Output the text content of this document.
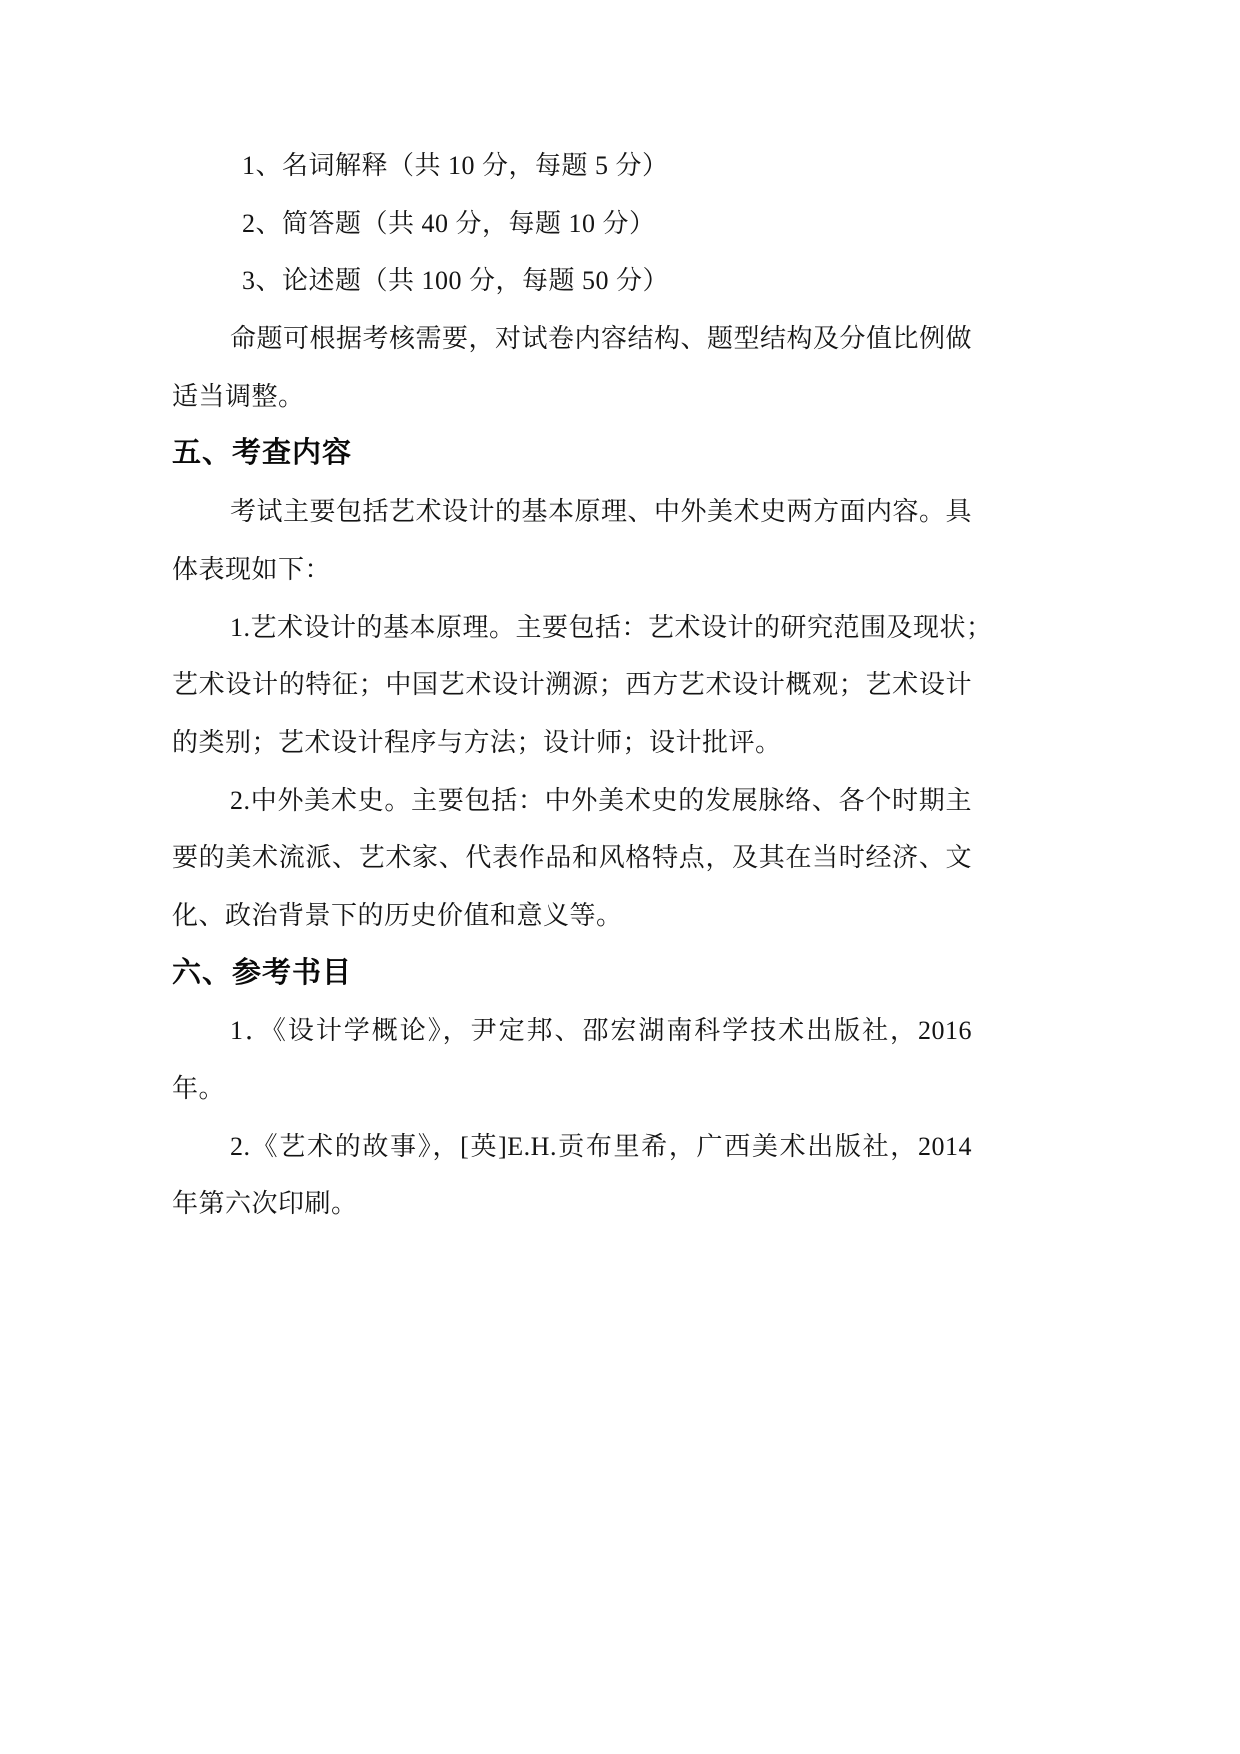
1、名词解释（共 10 分，每题 5 分）
2、简答题（共 40 分，每题 10 分）
3、论述题（共 100 分，每题 50 分）
命题可根据考核需要，对试卷内容结构、题型结构及分值比例做
适当调整。
五、考查内容
考试主要包括艺术设计的基本原理、中外美术史两方面内容。具
体表现如下：
1.艺术设计的基本原理。主要包括：艺术设计的研究范围及现状；
艺术设计的特征；中国艺术设计溯源；西方艺术设计概观；艺术设计
的类别；艺术设计程序与方法；设计师；设计批评。
2.中外美术史。主要包括：中外美术史的发展脉络、各个时期主
要的美术流派、艺术家、代表作品和风格特点，及其在当时经济、文
化、政治背景下的历史价值和意义等。
六、参考书目
1．《设计学概论》，尹定邦、邵宏湖南科学技术出版社，2016
年。
2.《艺术的故事》，[英]E.H.贡布里希，广西美术出版社，2014
年第六次印刷。
